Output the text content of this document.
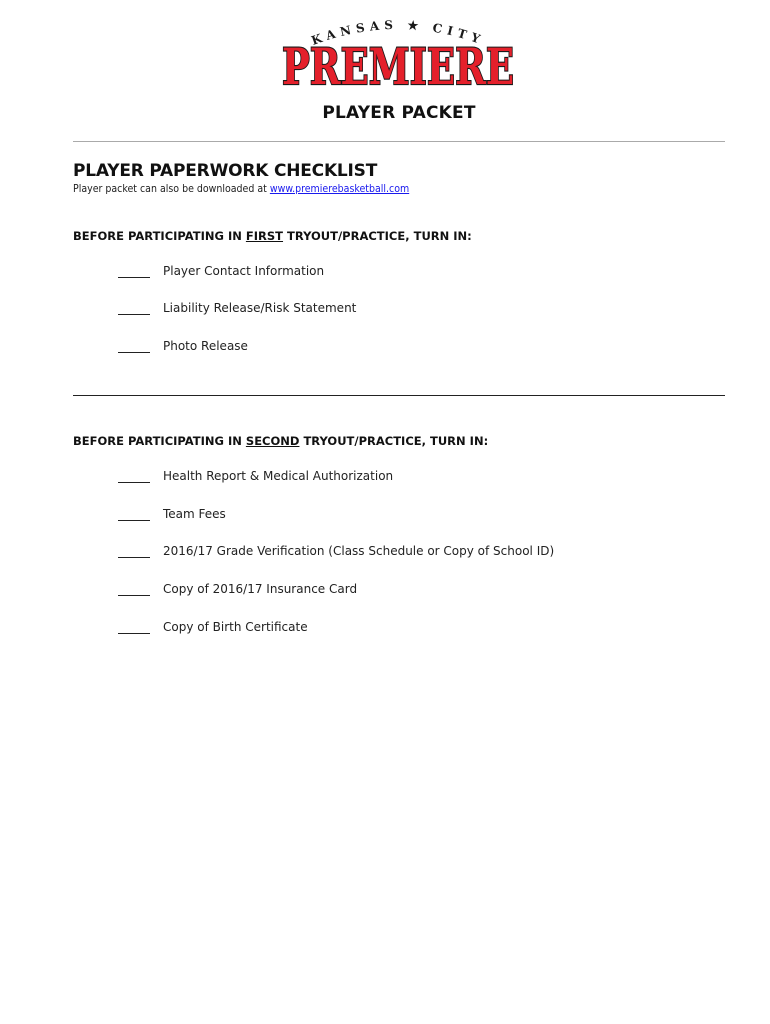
KANSAS ★ CITY
PREMIERE
PLAYER PACKET
PLAYER PAPERWORK CHECKLIST
Player packet can also be downloaded at www.premierebasketball.com
BEFORE PARTICIPATING IN FIRST TRYOUT/PRACTICE, TURN IN:
Player Contact Information
Liability Release/Risk Statement
Photo Release
BEFORE PARTICIPATING IN SECOND TRYOUT/PRACTICE, TURN IN:
Health Report & Medical Authorization
Team Fees
2016/17 Grade Verification (Class Schedule or Copy of School ID)
Copy of 2016/17 Insurance Card
Copy of Birth Certificate
